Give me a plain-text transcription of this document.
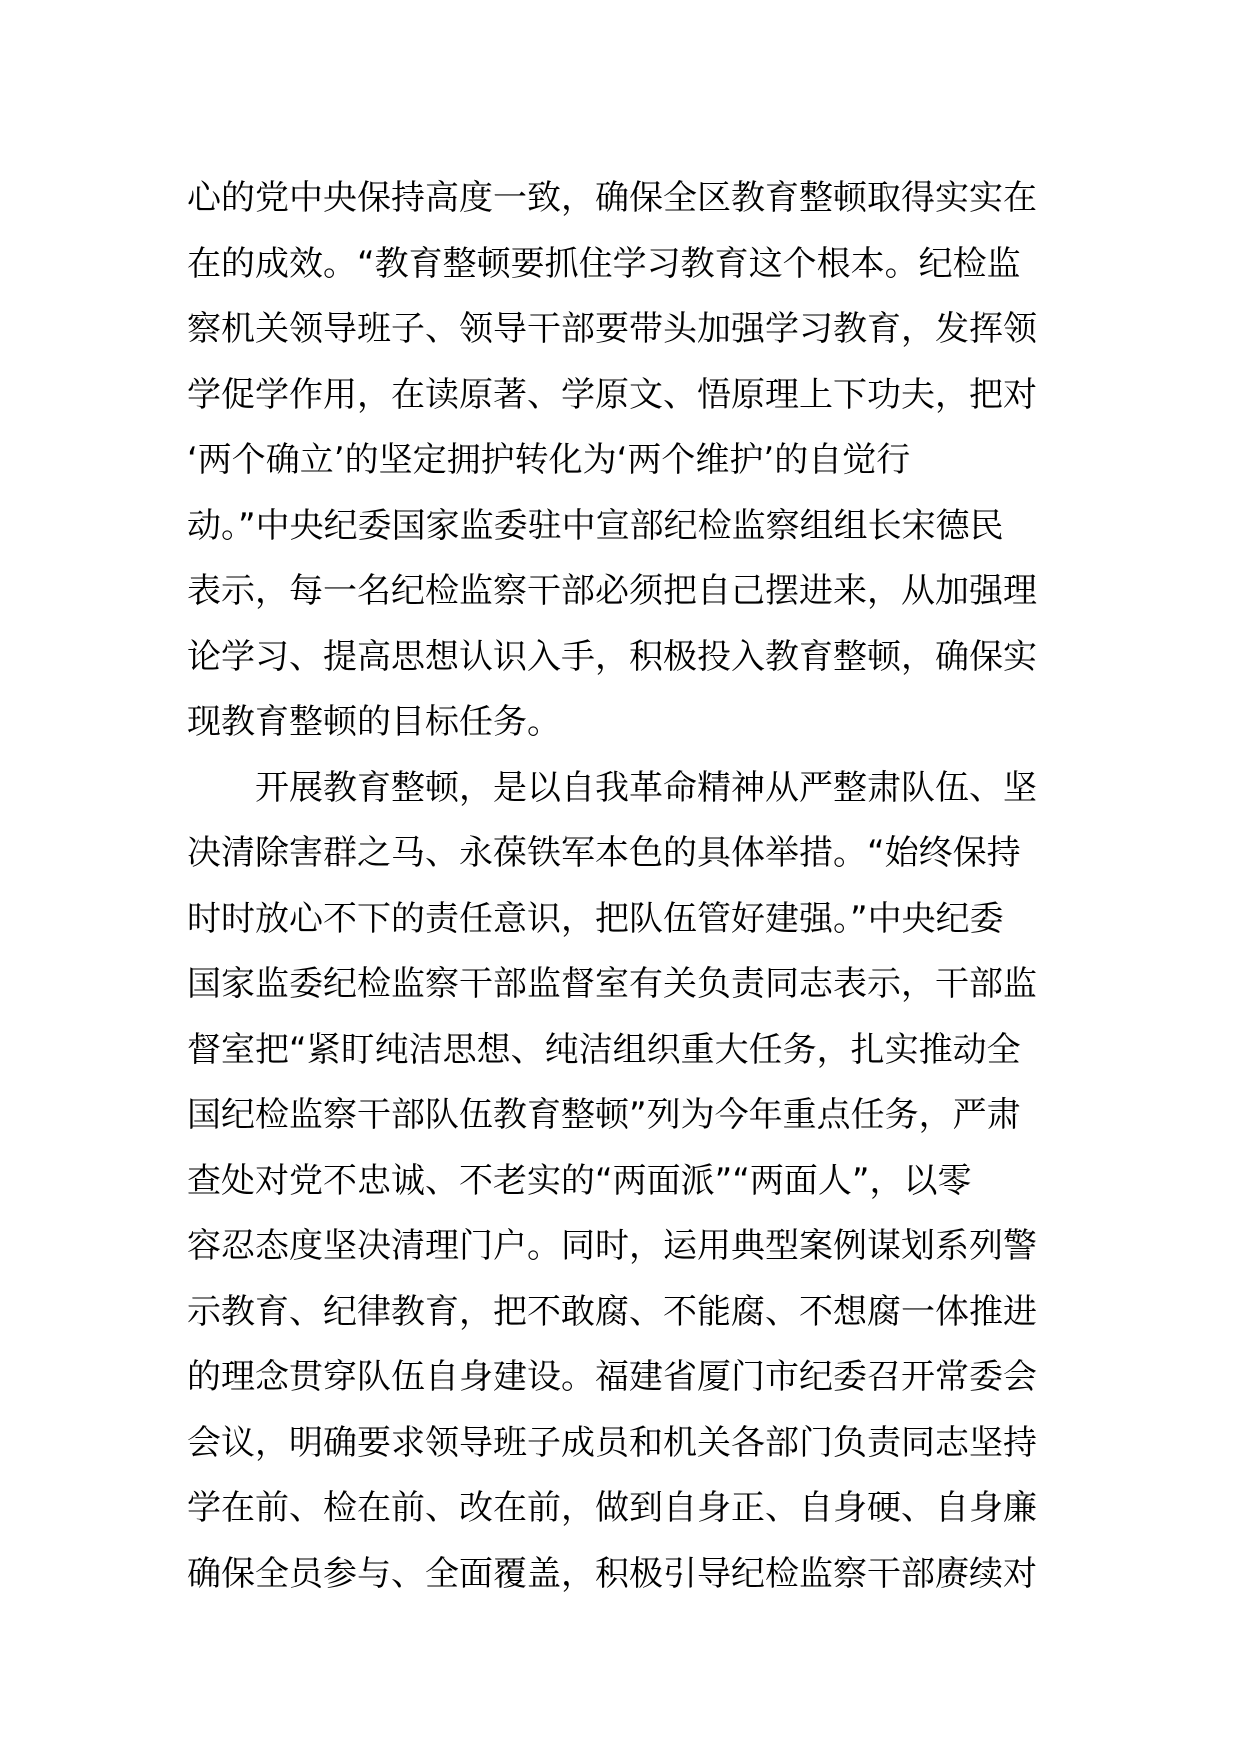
心的党中央保持高度一致，确保全区教育整顿取得实实在
在的成效。“教育整顿要抓住学习教育这个根本。纪检监
察机关领导班子、领导干部要带头加强学习教育，发挥领
学促学作用，在读原著、学原文、悟原理上下功夫，把对
‘两个确立’的坚定拥护转化为‘两个维护’的自觉行
动。”中央纪委国家监委驻中宣部纪检监察组组长宋德民
表示，每一名纪检监察干部必须把自己摆进来，从加强理
论学习、提高思想认识入手，积极投入教育整顿，确保实
现教育整顿的目标任务。
开展教育整顿，是以自我革命精神从严整肃队伍、坚
决清除害群之马、永葆铁军本色的具体举措。“始终保持
时时放心不下的责任意识，把队伍管好建强。”中央纪委
国家监委纪检监察干部监督室有关负责同志表示，干部监
督室把“紧盯纯洁思想、纯洁组织重大任务，扎实推动全
国纪检监察干部队伍教育整顿”列为今年重点任务，严肃
查处对党不忠诚、不老实的“两面派”“两面人”，以零
容忍态度坚决清理门户。同时，运用典型案例谋划系列警
示教育、纪律教育，把不敢腐、不能腐、不想腐一体推进
的理念贯穿队伍自身建设。福建省厦门市纪委召开常委会
会议，明确要求领导班子成员和机关各部门负责同志坚持
学在前、检在前、改在前，做到自身正、自身硬、自身廉
确保全员参与、全面覆盖，积极引导纪检监察干部赓续对
